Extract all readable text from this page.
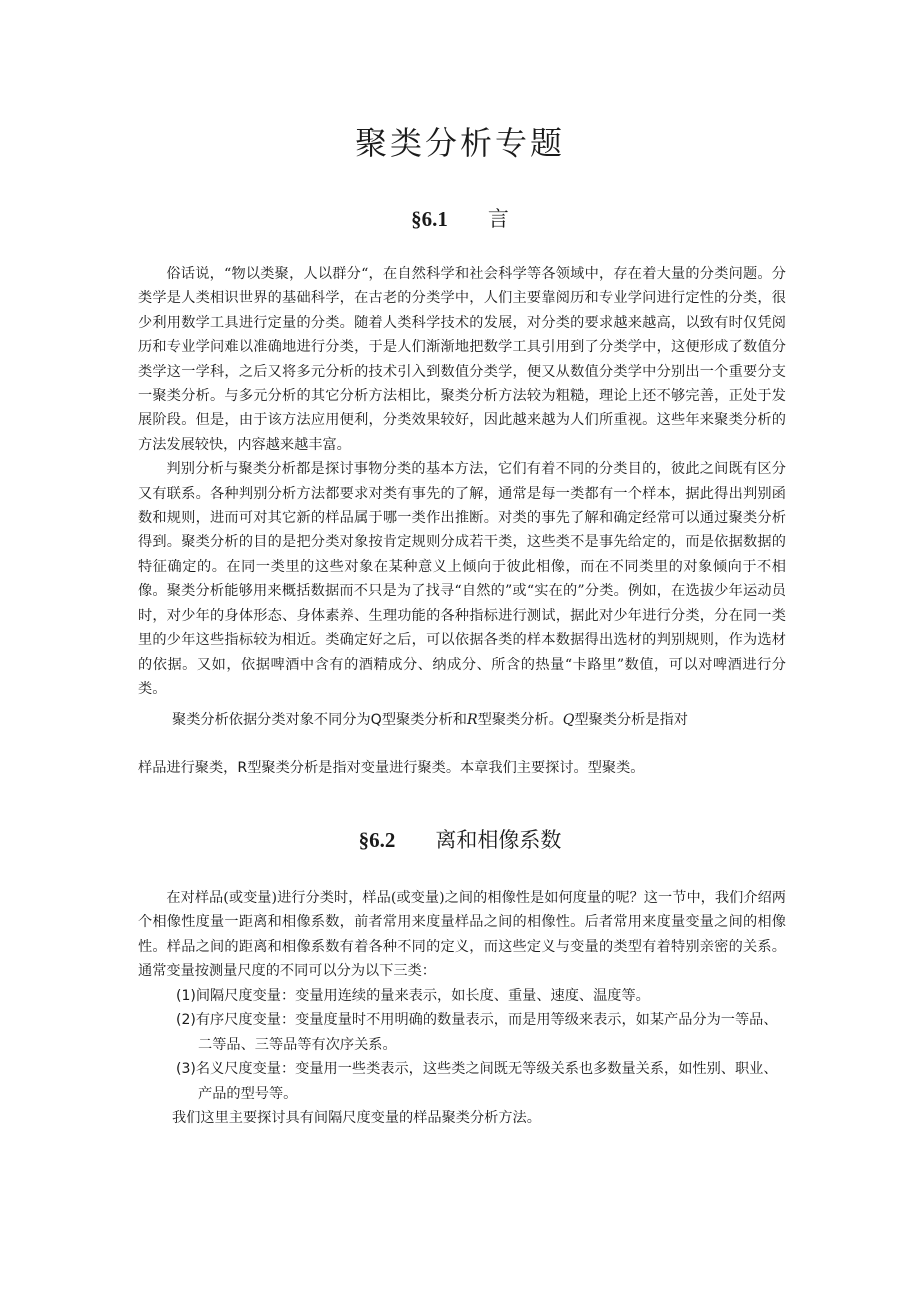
聚类分析专题
§6.1 言

俗话说，“物以类聚，人以群分“，在自然科学和社会科学等各领域中，存在着大量的分类问题。分类学是人类相识世界的基础科学，在古老的分类学中，人们主要靠阅历和专业学问进行定性的分类，很少利用数学工具进行定量的分类。随着人类科学技术的发展，对分类的要求越来越高，以致有时仅凭阅历和专业学问难以准确地进行分类，于是人们渐渐地把数学工具引用到了分类学中，这便形成了数值分类学这一学科，之后又将多元分析的技术引入到数值分类学，便又从数值分类学中分别出一个重要分支一聚类分析。与多元分析的其它分析方法相比，聚类分析方法较为粗糙，理论上还不够完善，正处于发展阶段。但是，由于该方法应用便利，分类效果较好，因此越来越为人们所重视。这些年来聚类分析的方法发展较快，内容越来越丰富。

判别分析与聚类分析都是探讨事物分类的基本方法，它们有着不同的分类目的，彼此之间既有区分又有联系。各种判别分析方法都要求对类有事先的了解，通常是每一类都有一个样本，据此得出判别函数和规则，进而可对其它新的样品属于哪一类作出推断。对类的事先了解和确定经常可以通过聚类分析得到。聚类分析的目的是把分类对象按肯定规则分成若干类，这些类不是事先给定的，而是依据数据的特征确定的。在同一类里的这些对象在某种意义上倾向于彼此相像，而在不同类里的对象倾向于不相像。聚类分析能够用来概括数据而不只是为了找寻“自然的”或“实在的”分类。例如，在选拔少年运动员时，对少年的身体形态、身体素养、生理功能的各种指标进行测试，据此对少年进行分类，分在同一类里的少年这些指标较为相近。类确定好之后，可以依据各类的样本数据得出选材的判别规则，作为选材的依据。又如，依据啤酒中含有的酒精成分、纳成分、所含的热量“卡路里”数值，可以对啤酒进行分类。

聚类分析依据分类对象不同分为Q型聚类分析和R型聚类分析。Q型聚类分析是指对
样品进行聚类，R型聚类分析是指对变量进行聚类。本章我们主要探讨。型聚类。
§6.2 离和相像系数

在对样品(或变量)进行分类时，样品(或变量)之间的相像性是如何度量的呢？这一节中，我们介绍两个相像性度量一距离和相像系数，前者常用来度量样品之间的相像性。后者常用来度量变量之间的相像性。样品之间的距离和相像系数有着各种不同的定义，而这些定义与变量的类型有着特别亲密的关系。通常变量按测量尺度的不同可以分为以下三类：

(1)间隔尺度变量：变量用连续的量来表示，如长度、重量、速度、温度等。
(2)有序尺度变量：变量度量时不用明确的数量表示，而是用等级来表示，如某产品分为一等品、二等品、三等品等有次序关系。
(3)名义尺度变量：变量用一些类表示，这些类之间既无等级关系也多数量关系，如性别、职业、产品的型号等。
我们这里主要探讨具有间隔尺度变量的样品聚类分析方法。
